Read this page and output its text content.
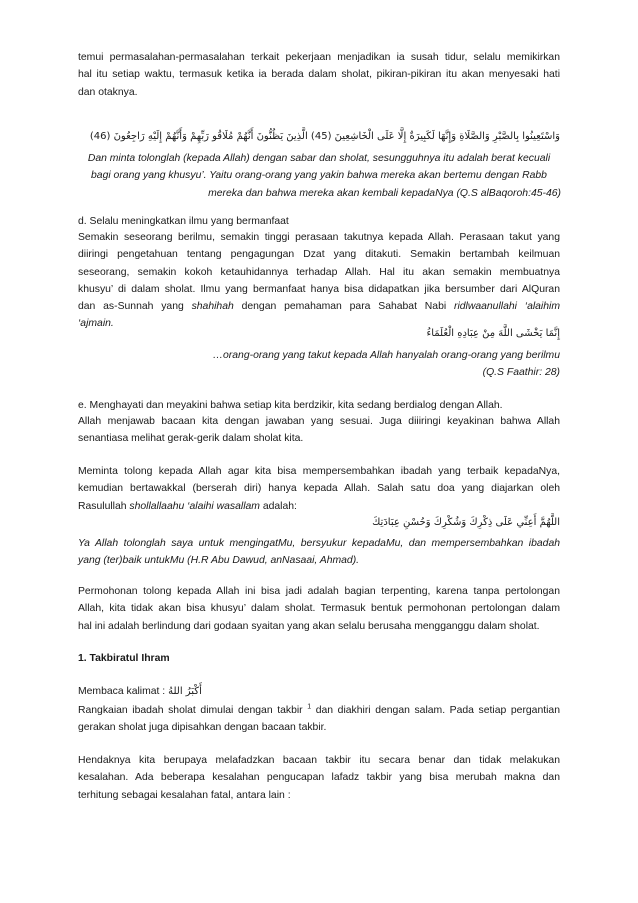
temui permasalahan-permasalahan terkait pekerjaan menjadikan ia susah tidur, selalu memikirkan
hal itu setiap waktu, termasuk ketika ia berada dalam sholat, pikiran-pikiran itu akan menyesaki hati
dan otaknya.
وَاسْتَعِينُوا بِالصَّبْرِ وَالصَّلَاةِ وَإِنَّهَا لَكَبِيرَةٌ إِلَّا عَلَى الْخَاشِعِينَ (45) الَّذِينَ يَظُنُّونَ أَنَّهُمْ مُلَاقُو رَبِّهِمْ وَأَنَّهُمْ إِلَيْهِ رَاجِعُونَ (46)
Dan minta tolonglah (kepada Allah) dengan sabar dan sholat, sesungguhnya itu adalah berat kecuali
bagi orang yang khusyu’. Yaitu orang-orang yang yakin bahwa mereka akan bertemu dengan Rabb
mereka dan bahwa mereka akan kembali kepadaNya (Q.S alBaqoroh:45-46)
d. Selalu meningkatkan ilmu yang bermanfaat
Semakin seseorang berilmu, semakin tinggi perasaan takutnya kepada Allah. Perasaan takut yang
diiringi pengetahuan tentang pengagungan Dzat yang ditakuti. Semakin bertambah keilmuan
seseorang, semakin kokoh ketauhidannya terhadap Allah. Hal itu akan semakin membuatnya
khusyu’ di dalam sholat. Ilmu yang bermanfaat hanya bisa didapatkan jika bersumber dari AlQuran
dan as-Sunnah yang shahihah dengan pemahaman para Sahabat Nabi ridlwaanullahi ‘alaihim
‘ajmain.
إِنَّمَا يَخْشَى اللَّهَ مِنْ عِبَادِهِ الْعُلَمَاءُ
…orang-orang yang takut kepada Allah hanyalah orang-orang yang berilmu
(Q.S Faathir: 28)
e. Menghayati dan meyakini bahwa setiap kita berdzikir, kita sedang berdialog dengan Allah.
Allah menjawab bacaan kita dengan jawaban yang sesuai. Juga diiiringi keyakinan bahwa Allah
senantiasa melihat gerak-gerik dalam sholat kita.
Meminta tolong kepada Allah agar kita bisa mempersembahkan ibadah yang terbaik kepadaNya,
kemudian bertawakkal (berserah diri) hanya kepada Allah. Salah satu doa yang diajarkan oleh
Rasulullah shollallaahu ‘alaihi wasallam adalah:
اللَّهُمَّ أَعِنِّي عَلَى ذِكْرِكَ وَشُكْرِكَ وَحُسْنِ عِبَادَتِكَ
Ya Allah tolonglah saya untuk mengingatMu, bersyukur kepadaMu, dan mempersembahkan ibadah
yang (ter)baik untukMu (H.R Abu Dawud, anNasaai, Ahmad).
Permohonan tolong kepada Allah ini bisa jadi adalah bagian terpenting, karena tanpa pertolongan
Allah, kita tidak akan bisa khusyu’ dalam sholat. Termasuk bentuk permohonan pertolongan dalam
hal ini adalah berlindung dari godaan syaitan yang akan selalu berusaha mengganggu dalam sholat.
1. Takbiratul Ihram
Membaca kalimat : أَكْبَرُ اللهُ
Rangkaian ibadah sholat dimulai dengan takbir $^1$ dan diakhiri dengan salam. Pada setiap pergantian
gerakan sholat juga dipisahkan dengan bacaan takbir.
Hendaknya kita berupaya melafadzkan bacaan takbir itu secara benar dan tidak melakukan
kesalahan. Ada beberapa kesalahan pengucapan lafadz takbir yang bisa merubah makna dan
terhitung sebagai kesalahan fatal, antara lain :
